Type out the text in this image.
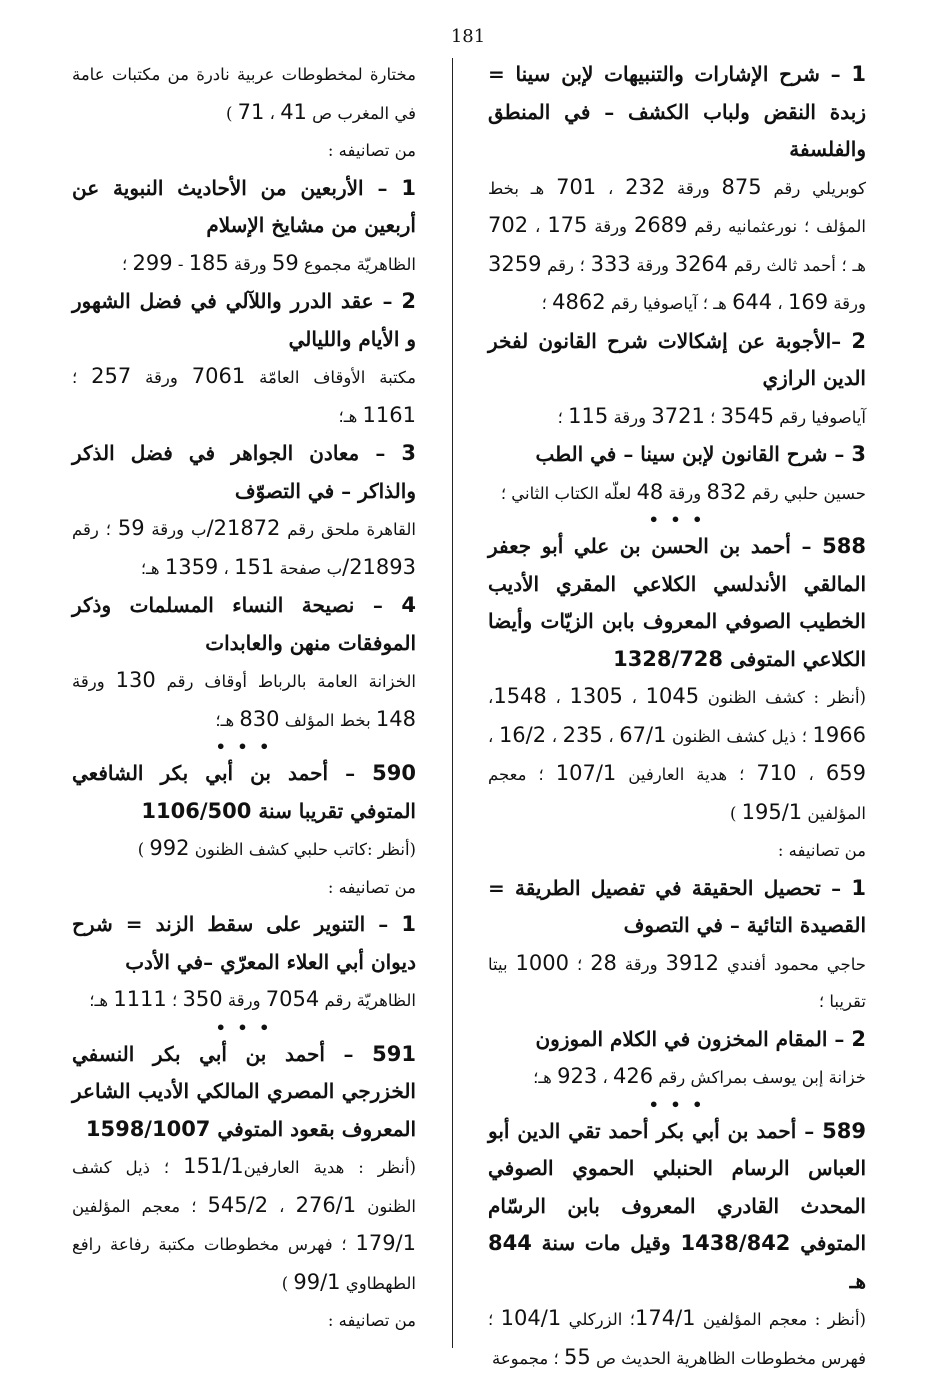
181

1 – شرح الإشارات والتنبيهات لإبن سينا = زبدة النقض ولباب الكشف – في المنطق والفلسفة

كوبريلي رقم 875 ورقة 232 ، 701 هـ بخط المؤلف ؛ نورعثمانيه رقم 2689 ورقة 175 ، 702 هـ ؛ أحمد ثالث رقم 3264 ورقة 333 ؛ رقم 3259 ورقة 169 ، 644 هـ ؛ آياصوفيا رقم 4862 ؛

2 –الأجوبة عن إشكالات شرح القانون لفخر الدين الرازي

آياصوفيا رقم 3545 ؛ 3721 ورقة 115 ؛

3 – شرح القانون لإبن سينا – في الطب

حسين حلبي رقم 832 ورقة 48 لعلّه الكتاب الثاني ؛

• • •

588 – أحمد بن الحسن بن علي أبو جعفر المالقي الأندلسي الكلاعي المقري الأديب الخطيب الصوفي المعروف بابن الزيّات وأيضا الكلاعي المتوفى 1328/728

(أنظر : كشف الظنون 1045 ، 1305 ، 1548، 1966 ؛ ذيل كشف الظنون 67/1 ، 235 ، 16/2 ، 659 ، 710 ؛ هدية العارفين 107/1 ؛ معجم المؤلفين 195/1 )

من تصانيفه :

1 – تحصيل الحقيقة في تفصيل الطريقة = القصيدة التائية – في التصوف

حاجي محمود أفندي 3912 ورقة 28 ؛ 1000 بيتا تقريبا ؛

2 – المقام المخزون في الكلام الموزون

خزانة إبن يوسف بمراكش رقم 426 ، 923 هـ؛

• • •

589 – أحمد بن أبي بكر أحمد تقي الدين أبو العباس الرسام الحنبلي الحموي الصوفي المحدث القادري المعروف بابن الرسّام المتوفي 1438/842 وقيل مات سنة 844 هـ

(أنظر : معجم المؤلفين 174/1؛ الزركلي 104/1 ؛ فهرس مخطوطات الظاهرية الحديث ص 55 ؛ مجموعة

مختارة لمخطوطات عربية نادرة من مكتبات عامة في المغرب ص 41 ، 71 )

من تصانيفه :

1 – الأربعين من الأحاديث النبوية عن أربعين من مشايخ الإسلام

الظاهريّة مجموع 59 ورقة 185 - 299 ؛

2 – عقد الدرر واللآلي في فضل الشهور و الأيام والليالي

مكتبة الأوقاف العامّة 7061 ورقة 257 ؛ 1161 هـ؛

3 – معادن الجواهر في فضل الذكر والذاكر – في التصوّف

القاهرة ملحق رقم 21872/ب ورقة 59 ؛ رقم 21893/ب صفحة 151 ، 1359 هـ؛

4 – نصيحة النساء المسلمات وذكر الموفقات منهن والعابدات

الخزانة العامة بالرباط أوقاف رقم 130 ورقة 148 بخط المؤلف 830 هـ؛

• • •

590 – أحمد بن أبي بكر الشافعي المتوفي تقريبا سنة 1106/500

(أنظر :كاتب حلبي كشف الظنون 992 )

من تصانيفه :

1 – التنوير على سقط الزند = شرح ديوان أبي العلاء المعرّي –في الأدب

الظاهريّة رقم 7054 ورقة 350 ؛ 1111 هـ؛

• • •

591 – أحمد بن أبي بكر النسفي الخزرجي المصري المالكي الأديب الشاعر المعروف بقعود المتوفي 1598/1007

(أنظر : هدية العارفين151/1 ؛ ذيل كشف الظنون 276/1 ، 545/2 ؛ معجم المؤلفين 179/1 ؛ فهرس مخطوطات مكتبة رفاعة رافع الطهطاوي 99/1 )

من تصانيفه :
